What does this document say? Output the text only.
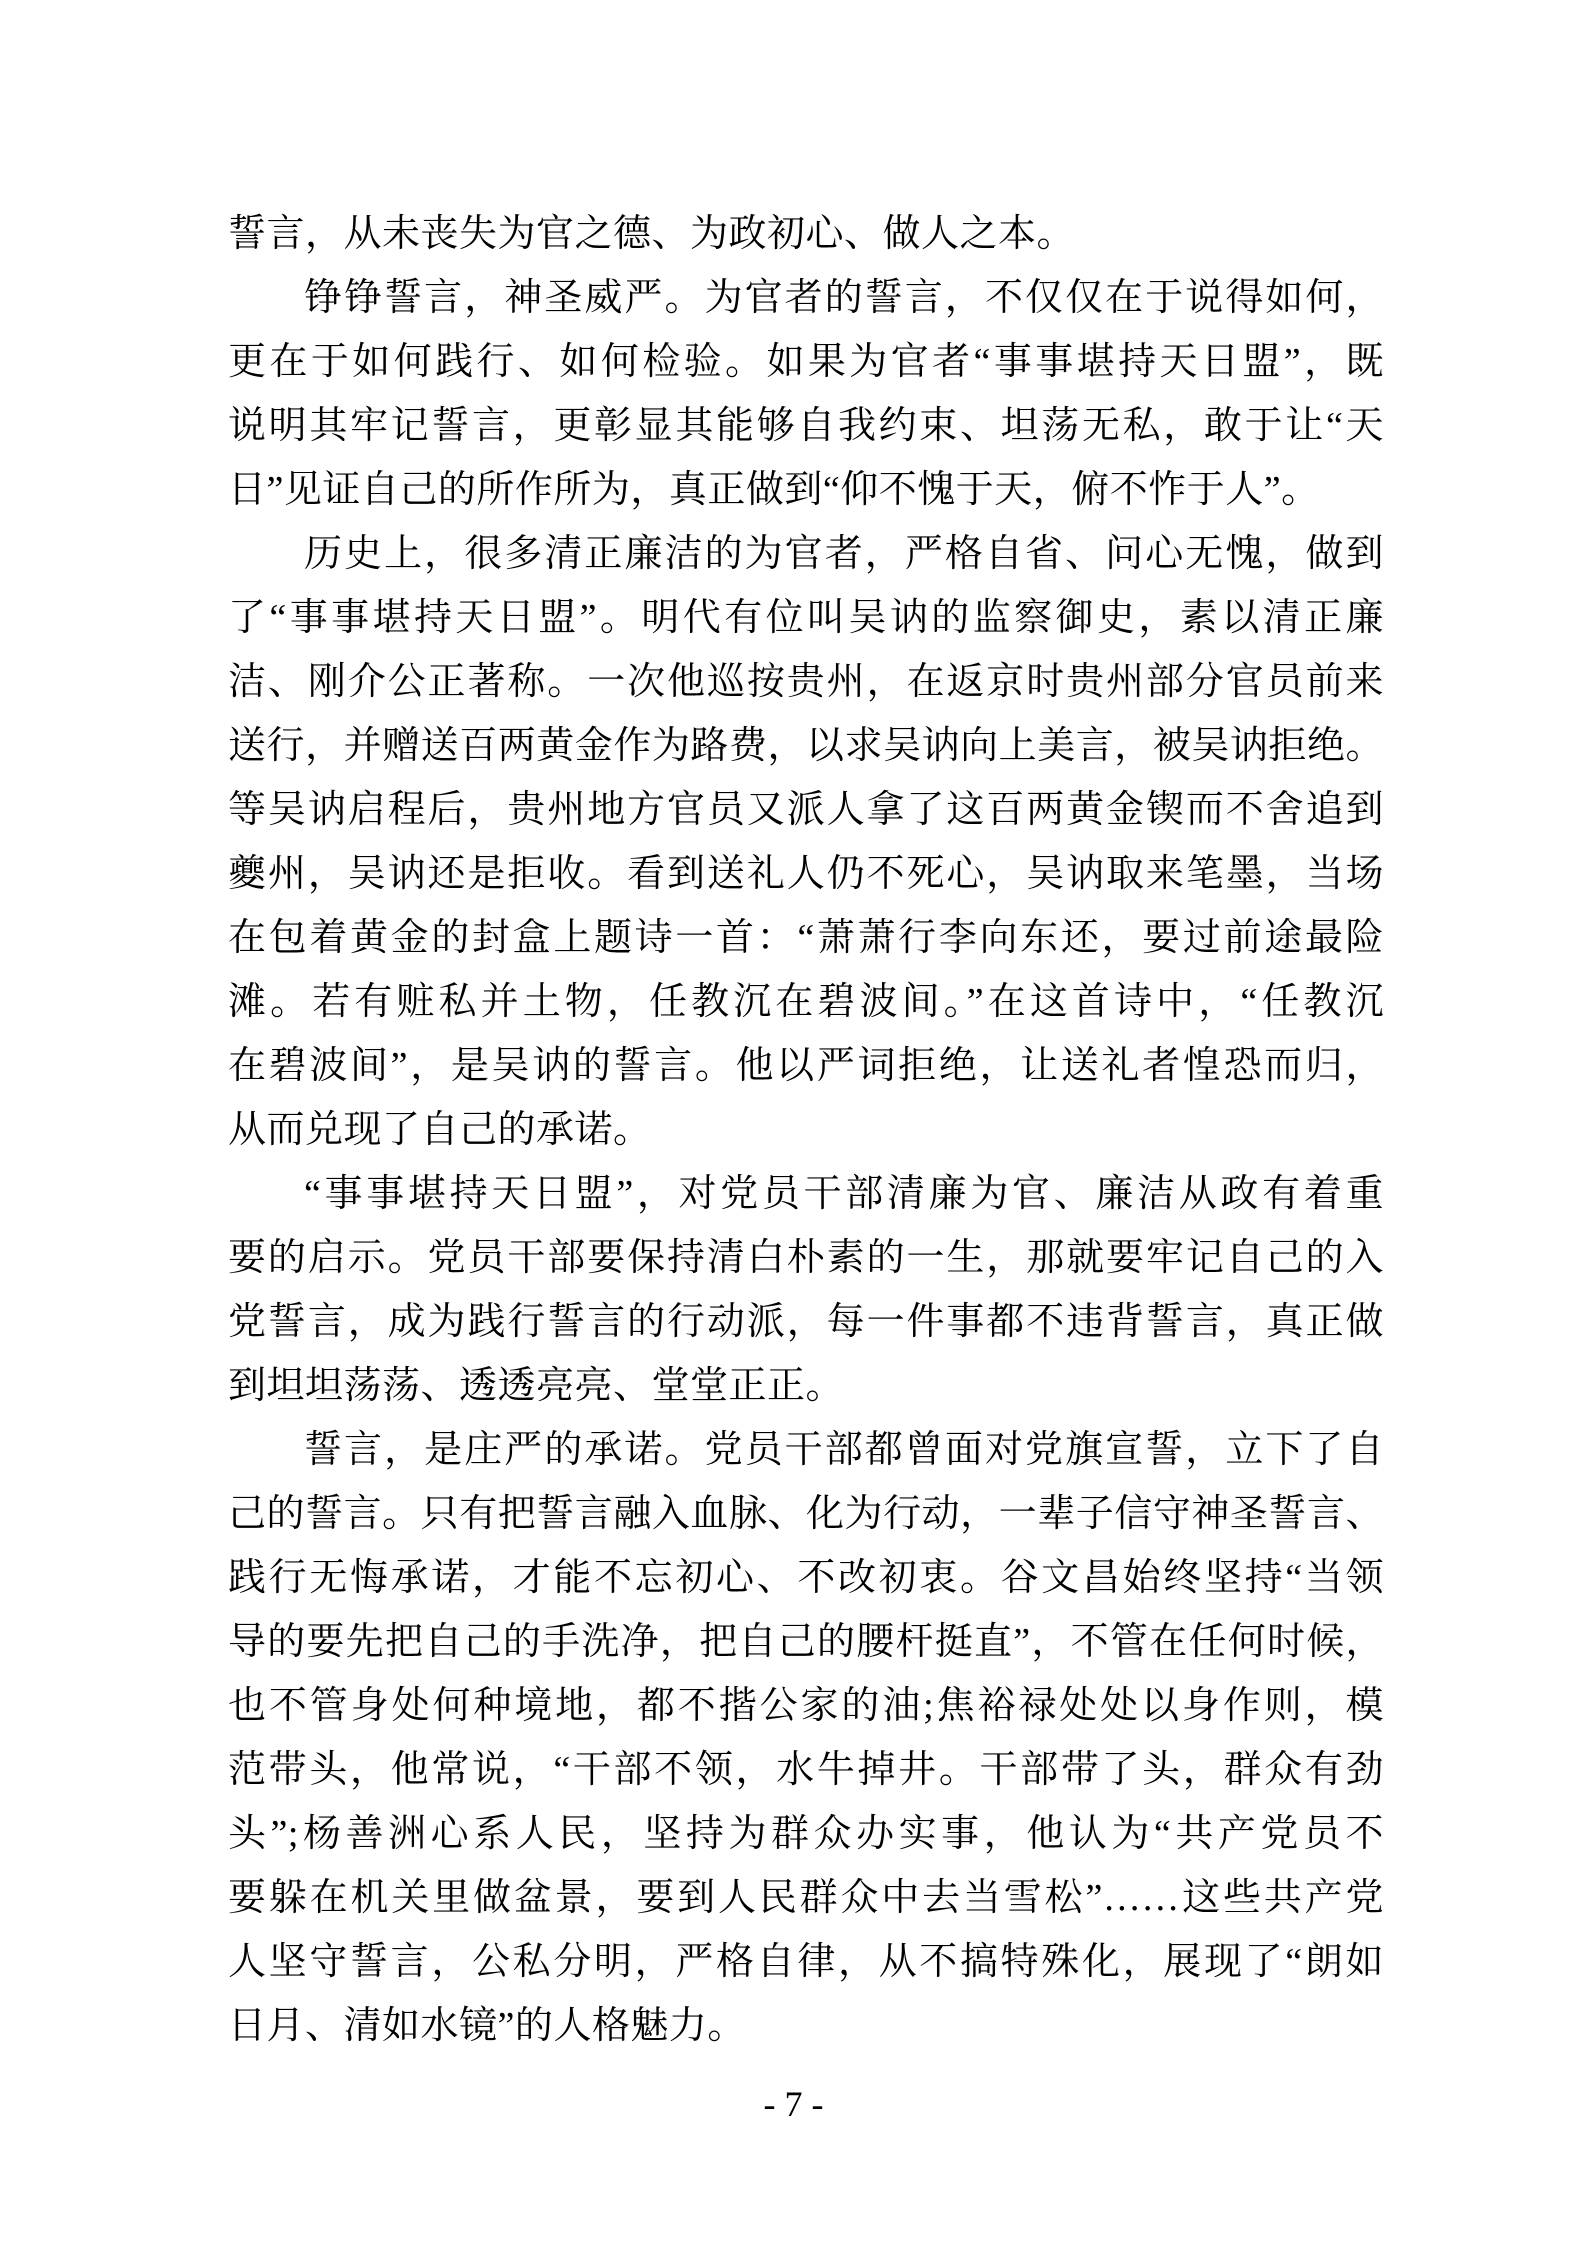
誓言，从未丧失为官之德、为政初心、做人之本。
铮铮誓言，神圣威严。为官者的誓言，不仅仅在于说得如何，
更在于如何践行、如何检验。如果为官者“事事堪持天日盟”，既
说明其牢记誓言，更彰显其能够自我约束、坦荡无私，敢于让“天
日”见证自己的所作所为，真正做到“仰不愧于天，俯不怍于人”。
历史上，很多清正廉洁的为官者，严格自省、问心无愧，做到
了“事事堪持天日盟”。明代有位叫吴讷的监察御史，素以清正廉
洁、刚介公正著称。一次他巡按贵州，在返京时贵州部分官员前来
送行，并赠送百两黄金作为路费，以求吴讷向上美言，被吴讷拒绝。
等吴讷启程后，贵州地方官员又派人拿了这百两黄金锲而不舍追到
夔州，吴讷还是拒收。看到送礼人仍不死心，吴讷取来笔墨，当场
在包着黄金的封盒上题诗一首：“萧萧行李向东还，要过前途最险
滩。若有赃私并土物，任教沉在碧波间。”在这首诗中，“任教沉
在碧波间”，是吴讷的誓言。他以严词拒绝，让送礼者惶恐而归，
从而兑现了自己的承诺。
“事事堪持天日盟”，对党员干部清廉为官、廉洁从政有着重
要的启示。党员干部要保持清白朴素的一生，那就要牢记自己的入
党誓言，成为践行誓言的行动派，每一件事都不违背誓言，真正做
到坦坦荡荡、透透亮亮、堂堂正正。
誓言，是庄严的承诺。党员干部都曾面对党旗宣誓，立下了自
己的誓言。只有把誓言融入血脉、化为行动，一辈子信守神圣誓言、
践行无悔承诺，才能不忘初心、不改初衷。谷文昌始终坚持“当领
导的要先把自己的手洗净，把自己的腰杆挺直”，不管在任何时候，
也不管身处何种境地，都不揩公家的油;焦裕禄处处以身作则，模
范带头，他常说，“干部不领，水牛掉井。干部带了头，群众有劲
头”;杨善洲心系人民，坚持为群众办实事，他认为“共产党员不
要躲在机关里做盆景，要到人民群众中去当雪松”……这些共产党
人坚守誓言，公私分明，严格自律，从不搞特殊化，展现了“朗如
日月、清如水镜”的人格魅力。
- 7 -
